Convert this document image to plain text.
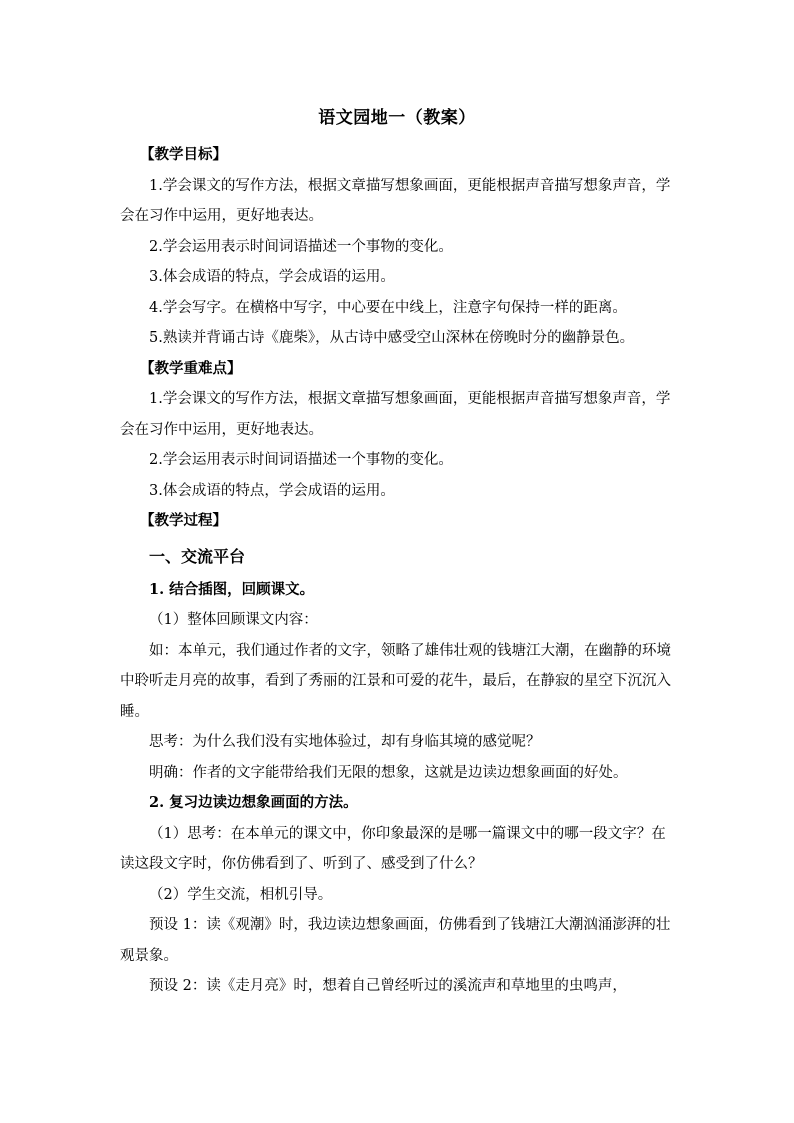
语文园地一（教案）

【教学目标】

1.学会课文的写作方法，根据文章描写想象画面，更能根据声音描写想象声音，学会在习作中运用，更好地表达。

2.学会运用表示时间词语描述一个事物的变化。

3.体会成语的特点，学会成语的运用。

4.学会写字。在横格中写字，中心要在中线上，注意字句保持一样的距离。

5.熟读并背诵古诗《鹿柴》，从古诗中感受空山深林在傍晚时分的幽静景色。

【教学重难点】

1.学会课文的写作方法，根据文章描写想象画面，更能根据声音描写想象声音，学会在习作中运用，更好地表达。

2.学会运用表示时间词语描述一个事物的变化。

3.体会成语的特点，学会成语的运用。

【教学过程】

一、交流平台

1. 结合插图，回顾课文。

（1）整体回顾课文内容：

如：本单元，我们通过作者的文字，领略了雄伟壮观的钱塘江大潮，在幽静的环境中聆听走月亮的故事，看到了秀丽的江景和可爱的花牛，最后，在静寂的星空下沉沉入睡。

思考：为什么我们没有实地体验过，却有身临其境的感觉呢？

明确：作者的文字能带给我们无限的想象，这就是边读边想象画面的好处。

2. 复习边读边想象画面的方法。

（1）思考：在本单元的课文中，你印象最深的是哪一篇课文中的哪一段文字？在读这段文字时，你仿佛看到了、听到了、感受到了什么？

（2）学生交流，相机引导。

预设 1：读《观潮》时，我边读边想象画面，仿佛看到了钱塘江大潮汹涌澎湃的壮观景象。

预设 2：读《走月亮》时，想着自己曾经听过的溪流声和草地里的虫鸣声，
